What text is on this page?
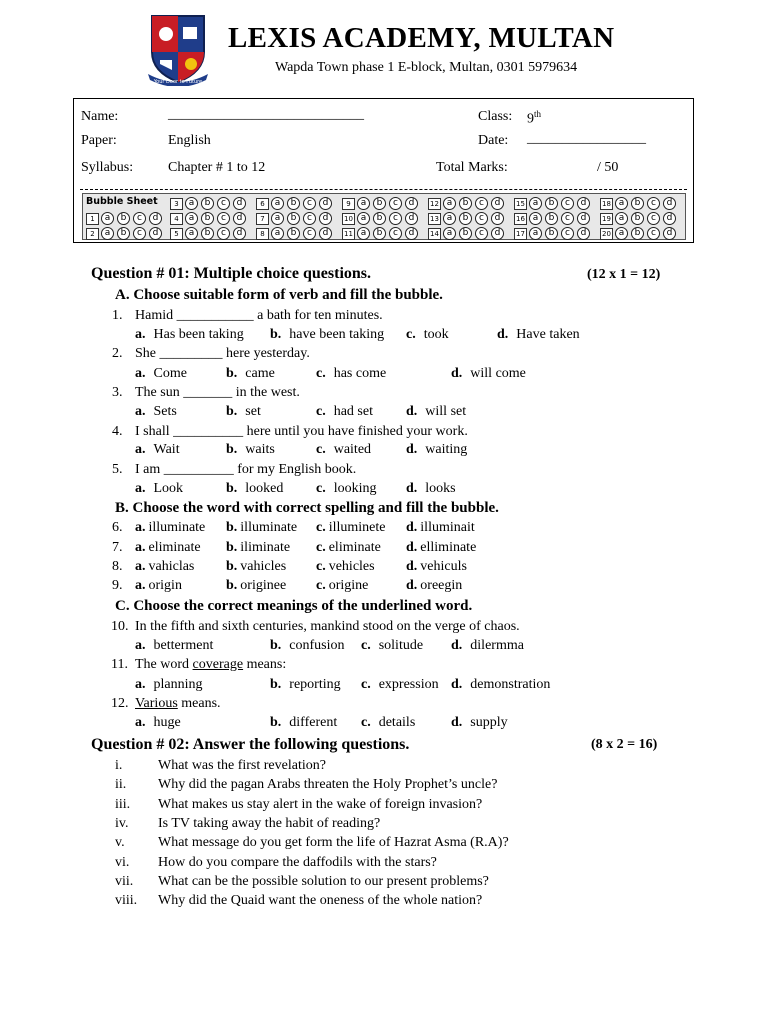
Your Door to Future
LEXIS ACADEMY, MULTAN
Wapda Town phase 1 E-block, Multan, 0301 5979634
Name:	____________________________	Class: 9th
Paper:	English	Date: _________________
Syllabus: Chapter # 1 to 12	Total Marks:	/ 50
Bubble Sheet	3	a	b	c	d	6	a	b	c	d	9	a	b	c	d	12 a	b	c	d	15 a	b	c	d	18 a	b	c	d
1	a	b	c	d	4	a	b	c	d	7	a	b	c	d	10 a	b	c	d	13 a	b	c	d	16 a	b	c	d	19 a	b	c	d
2	a	b	c	d	5	a	b	c	d	8	a	b	c	d	11 a	b	c	d	14 a	b	c	d	17 a	b	c	d	20 a	b	c	d
Question # 01: Multiple choice questions.	(12 x 1 = 12)
A. Choose suitable form of verb and fill the bubble.
1. Hamid ___________ a bath for ten minutes.
a. Has been taking b. have been taking c. took	d. Have taken
2. She _________ here yesterday.
a. Come	b. came	c. has come	d. will come
3. The sun _______ in the west.
a. Sets	b. set	c. had set d. will set
4. I shall __________ here until you have finished your work.
a. Wait	b. waits	c. waited d. waiting
5. I am __________ for my English book.
a. Look	b. looked c. looking d. looks
6. a. illuminate b. illuminate c. illuminete d. illuminait
7. a. eliminate b. iliminate c. eliminate d. elliminate
8. a. vahiclas b. vahicles c. vehicles d. vehiculs
9. a. origin	b. originee c. origine	d. oreegin
10. In the fifth and sixth centuries, mankind stood on the verge of chaos.
a. betterment	b. confusion c. solitude d. dilermma
11. The word coverage means:
a. planning	b. reporting c. expression d. demonstration
12. Various means.
a. huge	b. different c. details	d. supply
B. Choose the word with correct spelling and fill the bubble.
C. Choose the correct meanings of the underlined word.
Question # 02: Answer the following questions.	(8 x 2 = 16)
i.	What was the first revelation?
ii. Why did the pagan Arabs threaten the Holy Prophet’s uncle?
iii. What makes us stay alert in the wake of foreign invasion?
iv. Is TV taking away the habit of reading?
v. What message do you get form the life of Hazrat Asma (R.A)?
vi. How do you compare the daffodils with the stars?
vii. What can be the possible solution to our present problems?
viii. Why did the Quaid want the oneness of the whole nation?
